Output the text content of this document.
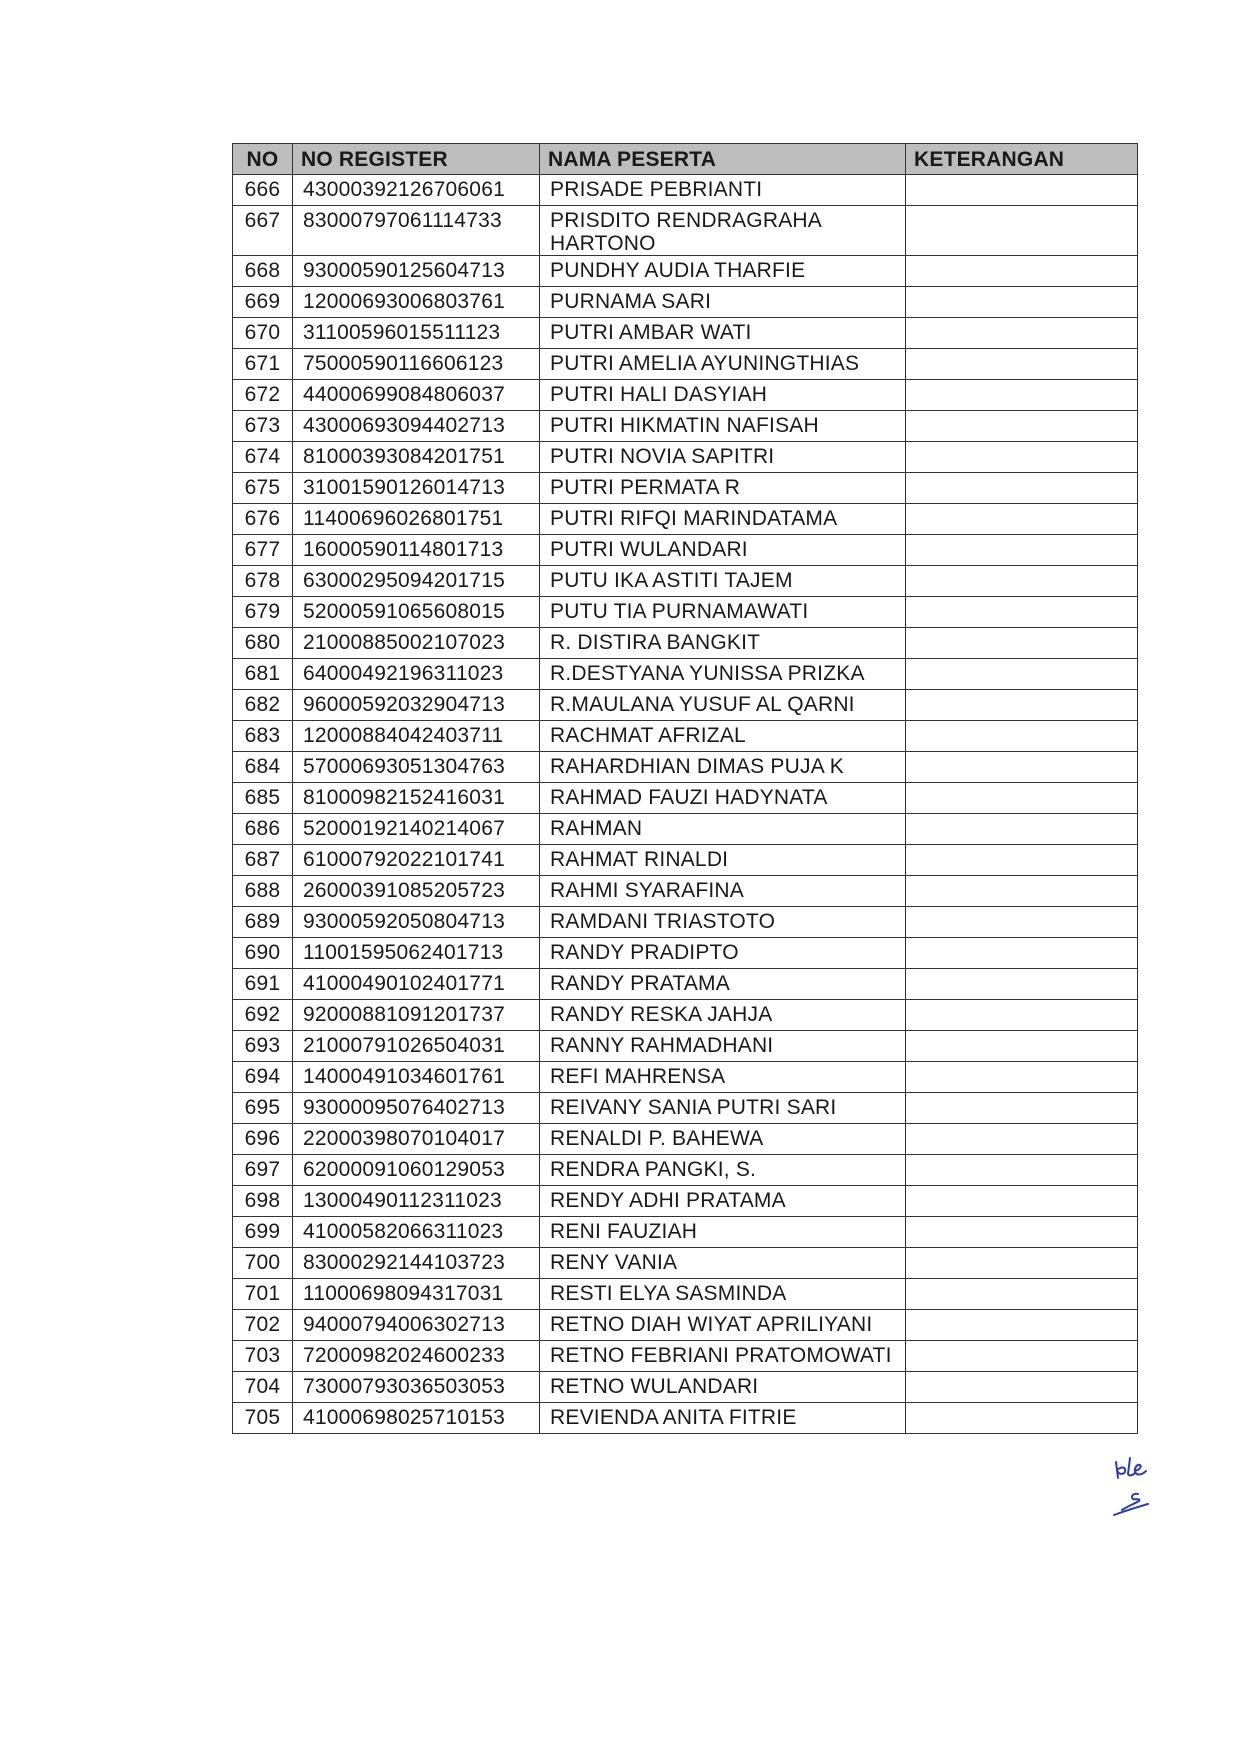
NO	NO REGISTER	NAMA PESERTA	KETERANGAN
666	43000392126706061	PRISADE PEBRIANTI	
667	83000797061114733	PRISDITO RENDRAGRAHA HARTONO	
668	93000590125604713	PUNDHY AUDIA THARFIE	
669	12000693006803761	PURNAMA SARI	
670	31100596015511123	PUTRI AMBAR WATI	
671	75000590116606123	PUTRI AMELIA AYUNINGTHIAS	
672	44000699084806037	PUTRI HALI DASYIAH	
673	43000693094402713	PUTRI HIKMATIN NAFISAH	
674	81000393084201751	PUTRI NOVIA SAPITRI	
675	31001590126014713	PUTRI PERMATA R	
676	11400696026801751	PUTRI RIFQI MARINDATAMA	
677	16000590114801713	PUTRI WULANDARI	
678	63000295094201715	PUTU IKA ASTITI TAJEM	
679	52000591065608015	PUTU TIA PURNAMAWATI	
680	21000885002107023	R. DISTIRA BANGKIT	
681	64000492196311023	R.DESTYANA YUNISSA PRIZKA	
682	96000592032904713	R.MAULANA YUSUF AL QARNI	
683	12000884042403711	RACHMAT AFRIZAL	
684	57000693051304763	RAHARDHIAN DIMAS PUJA K	
685	81000982152416031	RAHMAD FAUZI HADYNATA	
686	52000192140214067	RAHMAN	
687	61000792022101741	RAHMAT RINALDI	
688	26000391085205723	RAHMI SYARAFINA	
689	93000592050804713	RAMDANI TRIASTOTO	
690	11001595062401713	RANDY PRADIPTO	
691	41000490102401771	RANDY PRATAMA	
692	92000881091201737	RANDY RESKA JAHJA	
693	21000791026504031	RANNY RAHMADHANI	
694	14000491034601761	REFI MAHRENSA	
695	93000095076402713	REIVANY SANIA PUTRI SARI	
696	22000398070104017	RENALDI P. BAHEWA	
697	62000091060129053	RENDRA PANGKI, S.	
698	13000490112311023	RENDY ADHI PRATAMA	
699	41000582066311023	RENI FAUZIAH	
700	83000292144103723	RENY VANIA	
701	11000698094317031	RESTI ELYA SASMINDA	
702	94000794006302713	RETNO DIAH WIYAT APRILIYANI	
703	72000982024600233	RETNO FEBRIANI PRATOMOWATI	
704	73000793036503053	RETNO WULANDARI	
705	41000698025710153	REVIENDA ANITA FITRIE	
